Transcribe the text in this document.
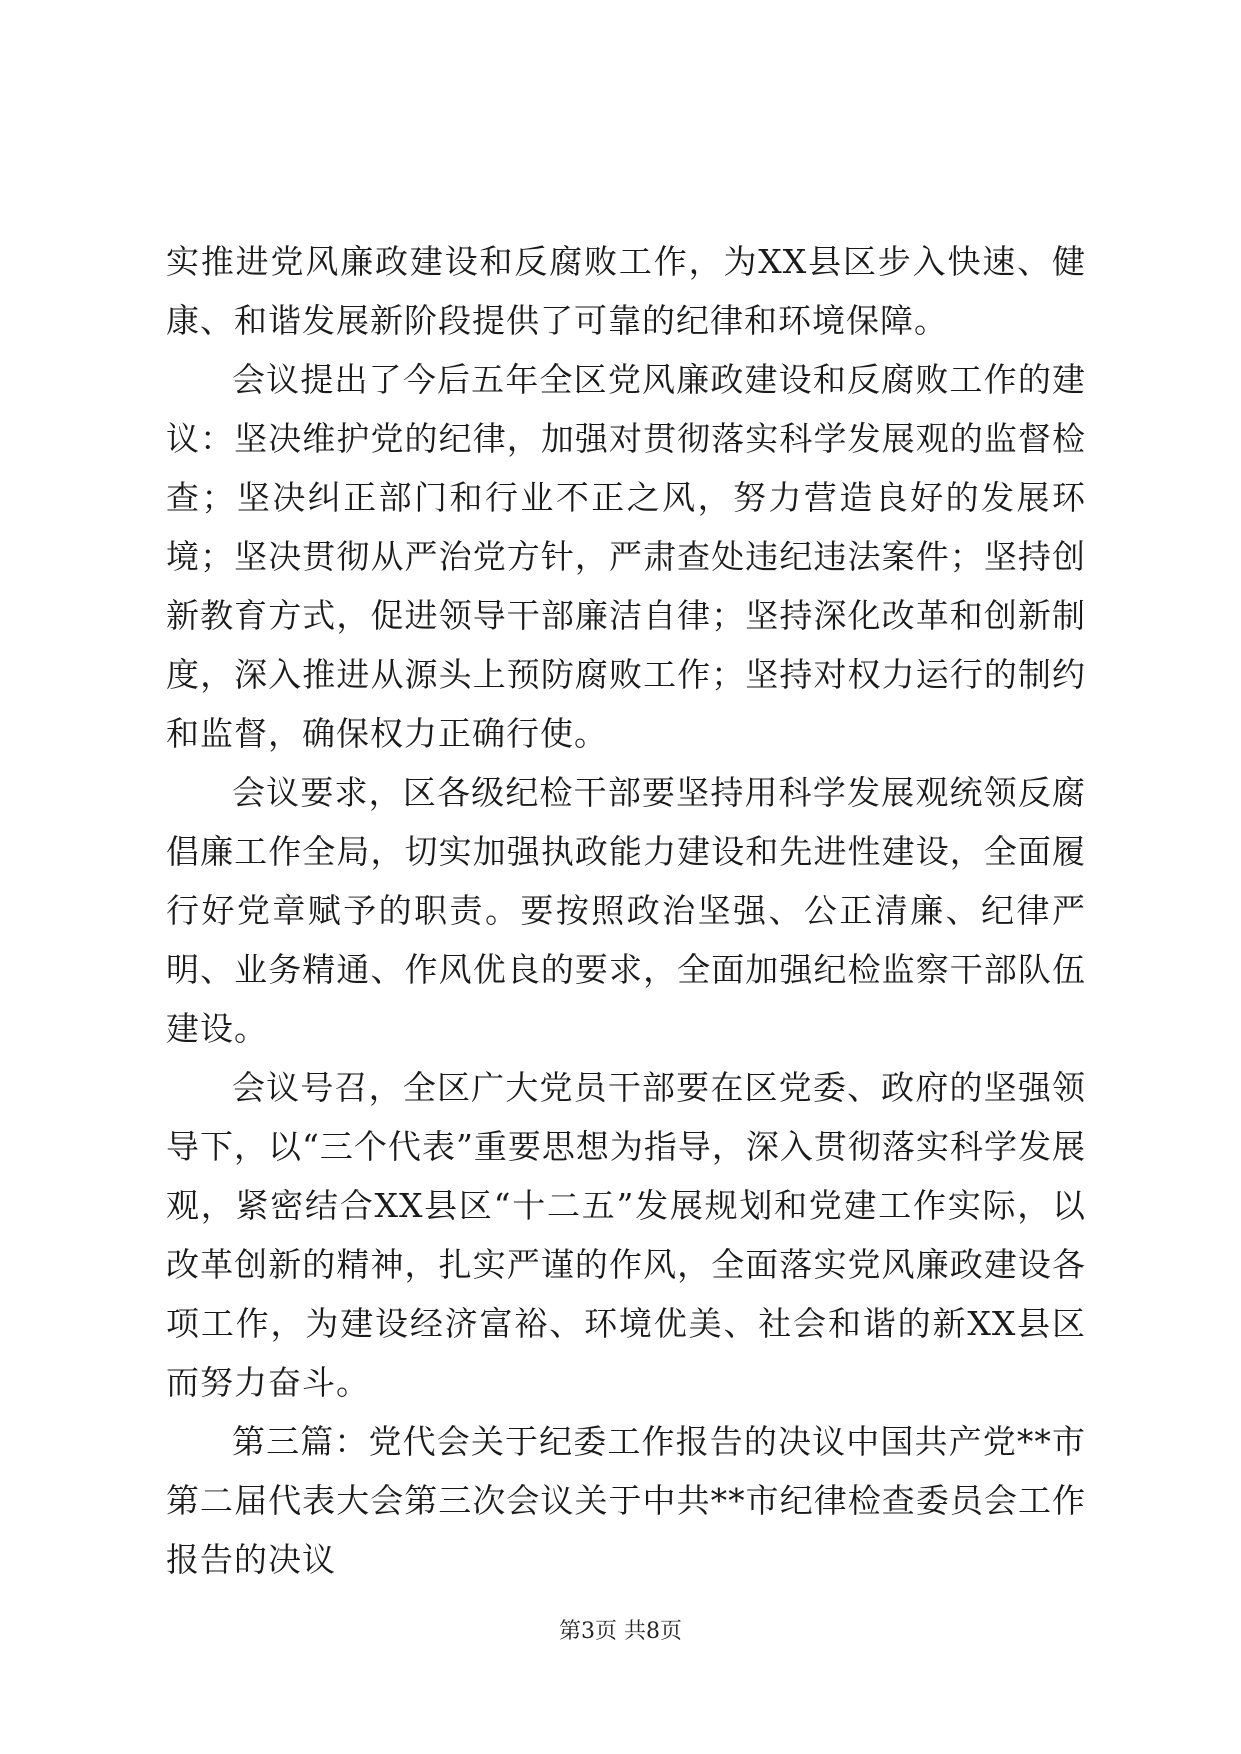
实推进党风廉政建设和反腐败工作，为XX县区步入快速、健康、和谐发展新阶段提供了可靠的纪律和环境保障。

会议提出了今后五年全区党风廉政建设和反腐败工作的建议：坚决维护党的纪律，加强对贯彻落实科学发展观的监督检查；坚决纠正部门和行业不正之风，努力营造良好的发展环境；坚决贯彻从严治党方针，严肃查处违纪违法案件；坚持创新教育方式，促进领导干部廉洁自律；坚持深化改革和创新制度，深入推进从源头上预防腐败工作；坚持对权力运行的制约和监督，确保权力正确行使。

会议要求，区各级纪检干部要坚持用科学发展观统领反腐倡廉工作全局，切实加强执政能力建设和先进性建设，全面履行好党章赋予的职责。要按照政治坚强、公正清廉、纪律严明、业务精通、作风优良的要求，全面加强纪检监察干部队伍建设。

会议号召，全区广大党员干部要在区党委、政府的坚强领导下，以“三个代表”重要思想为指导，深入贯彻落实科学发展观，紧密结合XX县区“十二五”发展规划和党建工作实际，以改革创新的精神，扎实严谨的作风，全面落实党风廉政建设各项工作，为建设经济富裕、环境优美、社会和谐的新XX县区而努力奋斗。

第三篇：党代会关于纪委工作报告的决议中国共产党**市第二届代表大会第三次会议关于中共**市纪律检查委员会工作报告的决议

第3页 共8页
